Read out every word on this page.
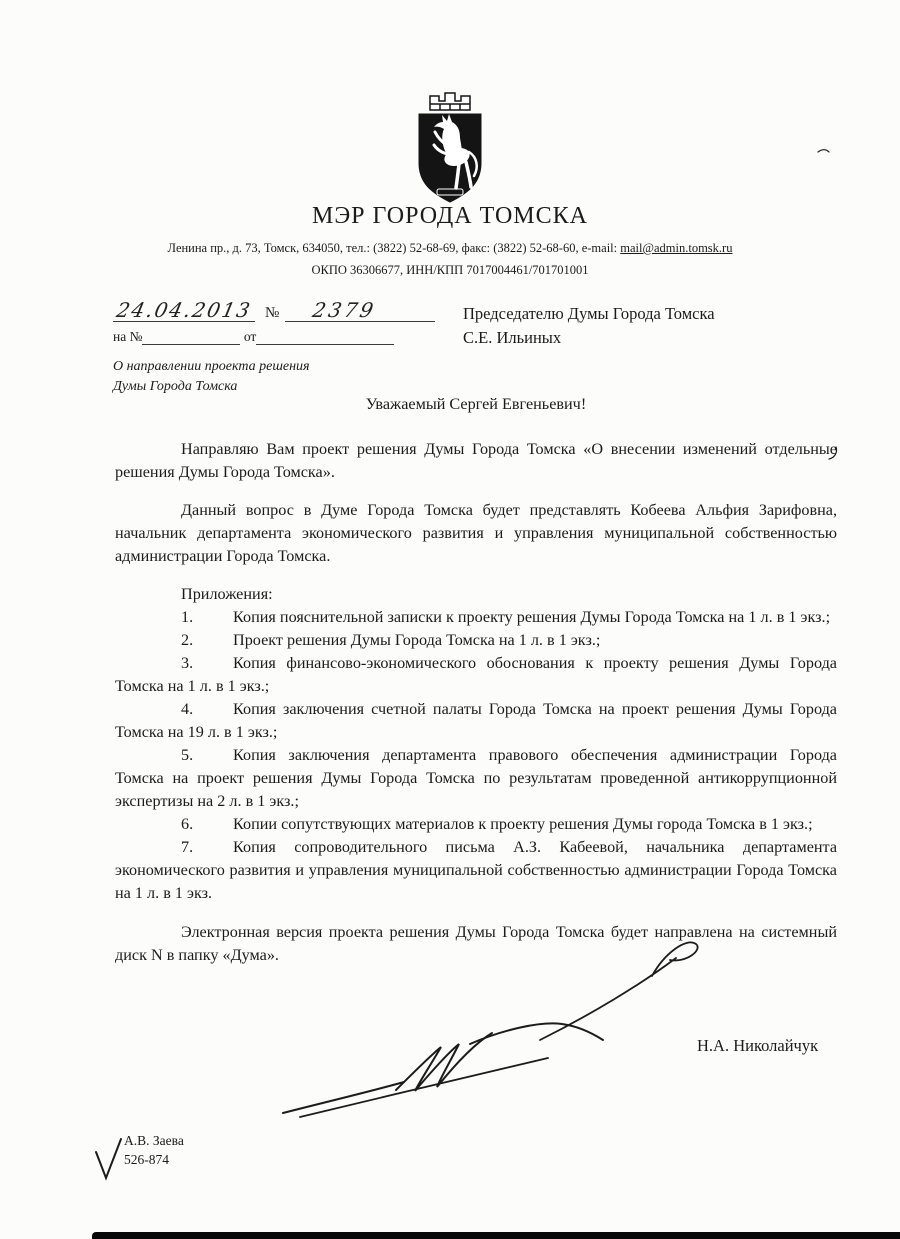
МЭР ГОРОДА ТОМСКА
Ленина пр., д. 73, Томск, 634050, тел.: (3822) 52-68-69, факс: (3822) 52-68-60, e-mail: mail@admin.tomsk.ru
ОКПО 36306677, ИНН/КПП 7017004461/701701001
24.04.2013 № 2379
на №	от
О направлении проекта решения
Думы Города Томска
Председателю Думы Города Томска
С.Е. Ильиных

Уважаемый Сергей Евгеньевич!

Направляю Вам проект решения Думы Города Томска «О внесении изменений отдельные решения Думы Города Томска».

Данный вопрос в Думе Города Томска будет представлять Кобеева Альфия Зарифовна, начальник департамента экономического развития и управления муниципальной собственностью администрации Города Томска.

Приложения:

1. Копия пояснительной записки к проекту решения Думы Города Томска на 1 л. в 1 экз.;

2. Проект решения Думы Города Томска на 1 л. в 1 экз.;

3. Копия финансово-экономического обоснования к проекту решения Думы Города Томска на 1 л. в 1 экз.;

4. Копия заключения счетной палаты Города Томска на проект решения Думы Города Томска на 19 л. в 1 экз.;

5. Копия заключения департамента правового обеспечения администрации Города Томска на проект решения Думы Города Томска по результатам проведенной антикоррупционной экспертизы на 2 л. в 1 экз.;

6. Копии сопутствующих материалов к проекту решения Думы города Томска в 1 экз.;

7. Копия сопроводительного письма А.З. Кабеевой, начальника департамента экономического развития и управления муниципальной собственностью администрации Города Томска на 1 л. в 1 экз.

Электронная версия проекта решения Думы Города Томска будет направлена на системный диск N в папку «Дума».

Н.А. Николайчук
А.В. Заева
526-874
